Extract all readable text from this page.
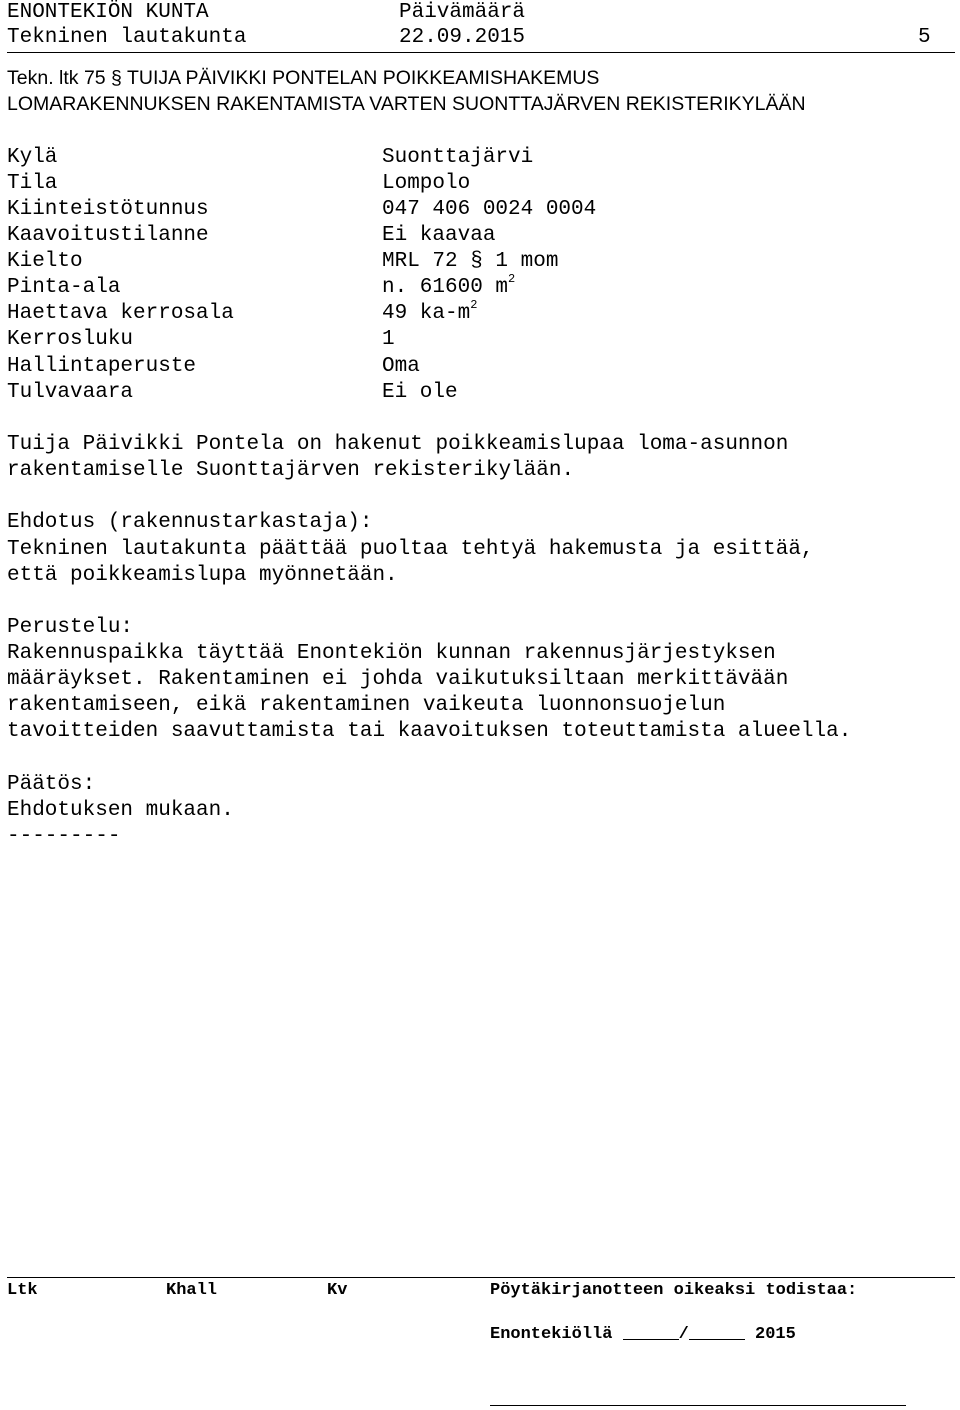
ENONTEKIÖN KUNTA	Päivämäärä
Tekninen lautakunta	22.09.2015	5
Tekn. ltk 75 § TUIJA PÄIVIKKI PONTELAN POIKKEAMISHAKEMUS
LOMARAKENNUKSEN RAKENTAMISTA VARTEN SUONTTAJÄRVEN REKISTERIKYLÄÄN
Kylä	Suonttajärvi
Tila	Lompolo
Kiinteistötunnus	047 406 0024 0004
Kaavoitustilanne	Ei kaavaa
Kielto	MRL 72 § 1 mom
Pinta-ala	n. 61600 $m^2$
Haettava kerrosala	49 $ka-m^2$
Kerrosluku	1
Hallintaperuste	Oma
Tulvavaara	Ei ole
Tuija Päivikki Pontela on hakenut poikkeamislupaa loma-asunnon
rakentamiselle Suonttajärven rekisterikylään.
Ehdotus (rakennustarkastaja):
Tekninen lautakunta päättää puoltaa tehtyä hakemusta ja esittää,
että poikkeamislupa myönnetään.
Perustelu:
Rakennuspaikka täyttää Enontekiön kunnan rakennusjärjestyksen
määräykset. Rakentaminen ei johda vaikutuksiltaan merkittävään
rakentamiseen, eikä rakentaminen vaikeuta luonnonsuojelun
tavoitteiden saavuttamista tai kaavoituksen toteuttamista alueella.
Päätös:
Ehdotuksen mukaan.
---------
Ltk	Khall	Kv	Pöytäkirjanotteen oikeaksi todistaa:
Enontekiöllä	/	2015
